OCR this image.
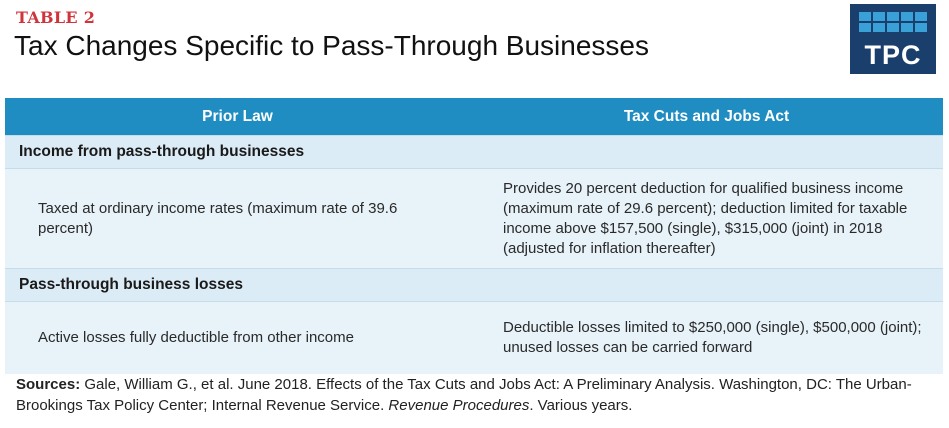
TABLE 2
Tax Changes Specific to Pass-Through Businesses	TPC
Prior Law	Tax Cuts and Jobs Act
Income from pass-through businesses
Taxed at ordinary income rates (maximum rate of 39.6 percent)
Provides 20 percent deduction for qualified business income (maximum rate of 29.6 percent); deduction limited for taxable income above $157,500 (single), $315,000 (joint) in 2018 (adjusted for inflation thereafter)
Pass-through business losses
Active losses fully deductible from other income
Deductible losses limited to $250,000 (single), $500,000 (joint); unused losses can be carried forward
Sources: Gale, William G., et al. June 2018. Effects of the Tax Cuts and Jobs Act: A Preliminary Analysis. Washington, DC: The Urban-Brookings Tax Policy Center; Internal Revenue Service. Revenue Procedures. Various years.
